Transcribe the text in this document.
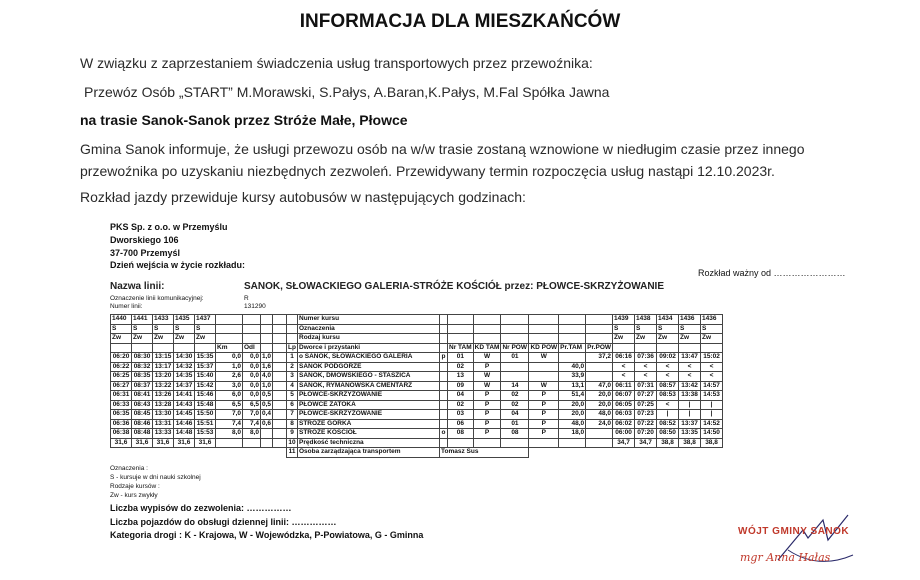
INFORMACJA DLA MIESZKAŃCÓW
W związku z zaprzestaniem świadczenia usług transportowych przez przewoźnika:
Przewóz Osób „START” M.Morawski, S.Pałys, A.Baran,K.Pałys, M.Fal Spółka Jawna
na trasie Sanok-Sanok przez Stróże Małe, Płowce
Gmina Sanok informuje, że usługi przewozu osób na w/w trasie zostaną wznowione w niedługim czasie przez innego
przewoźnika po uzyskaniu niezbędnych zezwoleń. Przewidywany termin rozpoczęcia usług nastąpi 12.10.2023r.
Rozkład jazdy przewiduje kursy autobusów w następujących godzinach:
PKS Sp. z o.o. w Przemyślu
Dworskiego 106
37-700 Przemyśl
Dzień wejścia w życie rozkładu:
Rozkład ważny od ……………………
Nazwa linii:	SANOK, SŁOWACKIEGO GALERIA-STRÓŻE KOŚCIÓŁ przez: PŁOWCE-SKRZYŻOWANIE
Oznaczenie linii komunikacyjnej:	R
Numer linii:	131290
1440	1441	1433	1435	1437						Numer kursu								1439	1438	1434	1436	1436
S	S	S	S	S						Oznaczenia								S	S	S	S	S
Zw	Zw	Zw	Zw	Zw						Rodzaj kursu								Zw	Zw	Zw	Zw	Zw
					Km	Odl			Lp	Dworce i przystanki		Nr TAM	KD TAM	Nr POW	KD POW	Pr.TAM	Pr.POW					
06:20	08:30	13:15	14:30	15:35	0,0	0,0	1,0		1	o SANOK, SŁOWACKIEGO GALERIA	p	01	W	01	W		37,2	06:16	07:36	09:02	13:47	15:02
06:22	08:32	13:17	14:32	15:37	1,0	0,0	1,6		2	SANOK PODGÓRZE		02	P			40,0		<	<	<	<	<
06:25	08:35	13:20	14:35	15:40	2,6	0,0	4,0		3	SANOK, DMOWSKIEGO - STASZICA		13	W			33,9		<	<	<	<	<
06:27	08:37	13:22	14:37	15:42	3,0	0,0	1,0		4	SANOK, RYMANOWSKA CMENTARZ		09	W	14	W	13,1	47,0	06:11	07:31	08:57	13:42	14:57
06:31	08:41	13:26	14:41	15:46	6,0	0,0	0,5		5	PŁOWCE-SKRZYŻOWANIE		04	P	02	P	51,4	20,0	06:07	07:27	08:53	13:38	14:53
06:33	08:43	13:28	14:43	15:48	6,5	6,5	0,5		6	PŁOWCE ZATOKA		02	P	02	P	20,0	20,0	06:05	07:25	<	|	|
06:35	08:45	13:30	14:45	15:50	7,0	7,0	0,4		7	PŁOWCE-SKRZYŻOWANIE		03	P	04	P	20,0	48,0	06:03	07:23	|	|	|
06:36	08:46	13:31	14:46	15:51	7,4	7,4	0,6		8	STRÓŻE GÓRKA		06	P	01	P	48,0	24,0	06:02	07:22	08:52	13:37	14:52
06:38	08:48	13:33	14:48	15:53	8,0	8,0			9	STRÓŻE KOŚCIÓŁ	o	08	P	08	P	18,0		06:00	07:20	08:50	13:35	14:50
31,6	31,6	31,6	31,6	31,6					10	Prędkość techniczna								34,7	34,7	38,8	38,8	38,8
									11	Osoba zarządzająca transportem	Tomasz Sus											
Oznaczenia :
S - kursuje w dni nauki szkolnej
Rodzaje kursów :
Zw - kurs zwykły
Liczba wypisów do zezwolenia: ……………
Liczba pojazdów do obsługi dziennej linii: ……………
Kategoria drogi : K - Krajowa, W - Wojewódzka, P-Powiatowa, G - Gminna	WÓJT GMINY SANOK
mgr Anna Hałas
